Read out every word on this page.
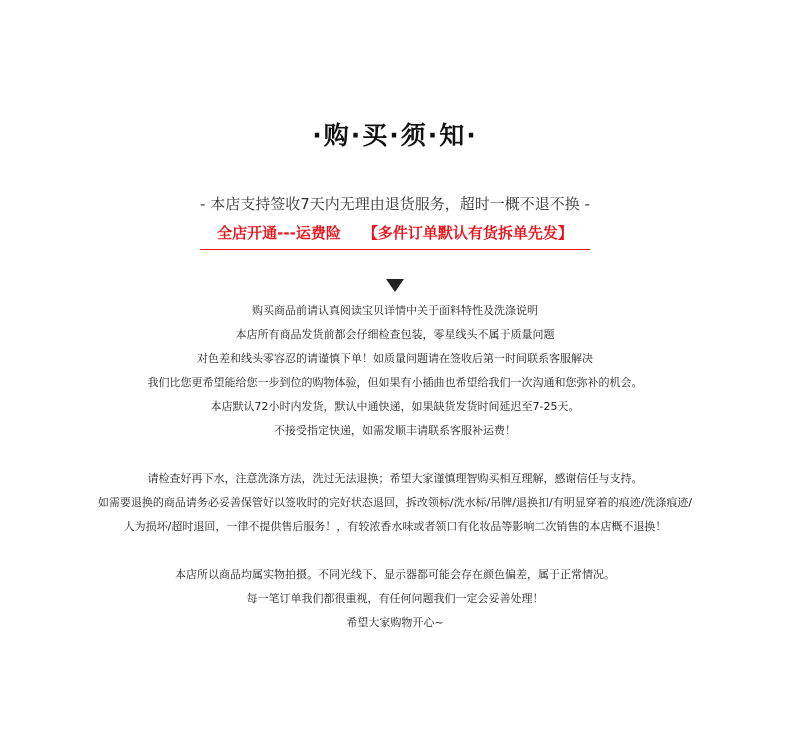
·购·买·须·知·
- 本店支持签收7天内无理由退货服务，超时一概不退不换 -
全店开通---运费险 【多件订单默认有货拆单先发】
购买商品前请认真阅读宝贝详情中关于面料特性及洗涤说明
本店所有商品发货前都会仔细检查包装，零星线头不属于质量问题
对色差和线头零容忍的请谨慎下单！如质量问题请在签收后第一时间联系客服解决
我们比您更希望能给您一步到位的购物体验，但如果有小插曲也希望给我们一次沟通和您弥补的机会。
本店默认72小时内发货，默认中通快递，如果缺货发货时间延迟至7-25天。
不接受指定快递，如需发顺丰请联系客服补运费！
请检查好再下水，注意洗涤方法，洗过无法退换；希望大家谨慎理智购买相互理解，感谢信任与支持。
如需要退换的商品请务必妥善保管好以签收时的完好状态退回，拆改领标/洗水标/吊牌/退换扣/有明显穿着的痕迹/洗涤痕迹/
人为损坏/超时退回，一律不提供售后服务！，有较浓香水味或者领口有化妆品等影响二次销售的本店概不退换！
本店所以商品均属实物拍摄。不同光线下、显示器都可能会存在颜色偏差，属于正常情况。
每一笔订单我们都很重视，有任何问题我们一定会妥善处理！
希望大家购物开心~
